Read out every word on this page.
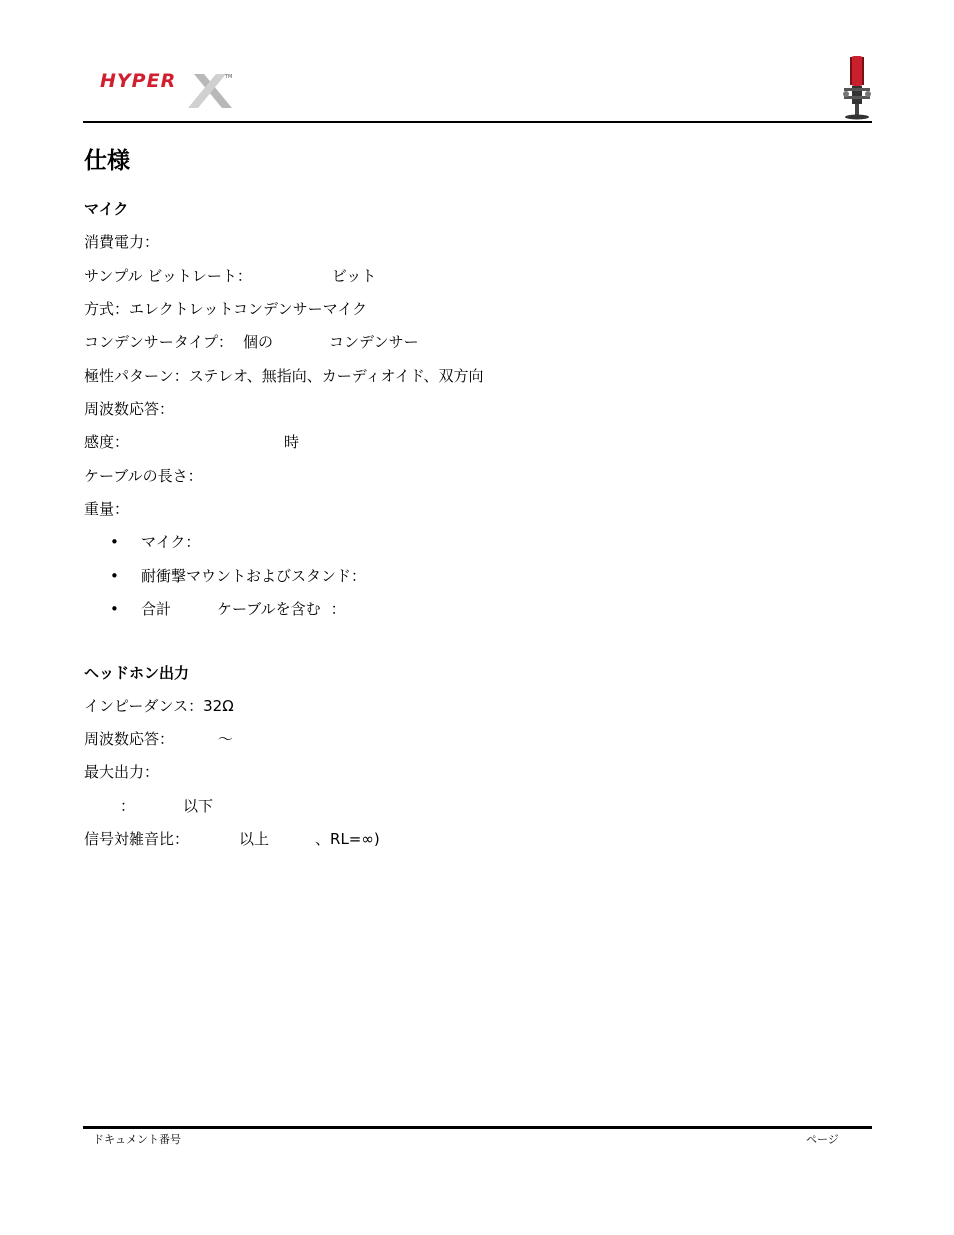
HYPER	TM
仕様
マイク
消費電力：
サンプル ビットレート：	ビット
方式：エレクトレットコンデンサーマイク
コンデンサータイプ： 個の	コンデンサー
極性パターン：ステレオ、無指向、カーディオイド、双方向
周波数応答：
感度：	時
ケーブルの長さ：
重量：
• マイク：
• 耐衝撃マウントおよびスタンド：
• 合計	ケーブルを含む ：
ヘッドホン出力
インピーダンス：32Ω
周波数応答：	〜
最大出力：
：	以下
信号対雑音比：	以上	、RL=∞)
ドキュメント番号	ページ
